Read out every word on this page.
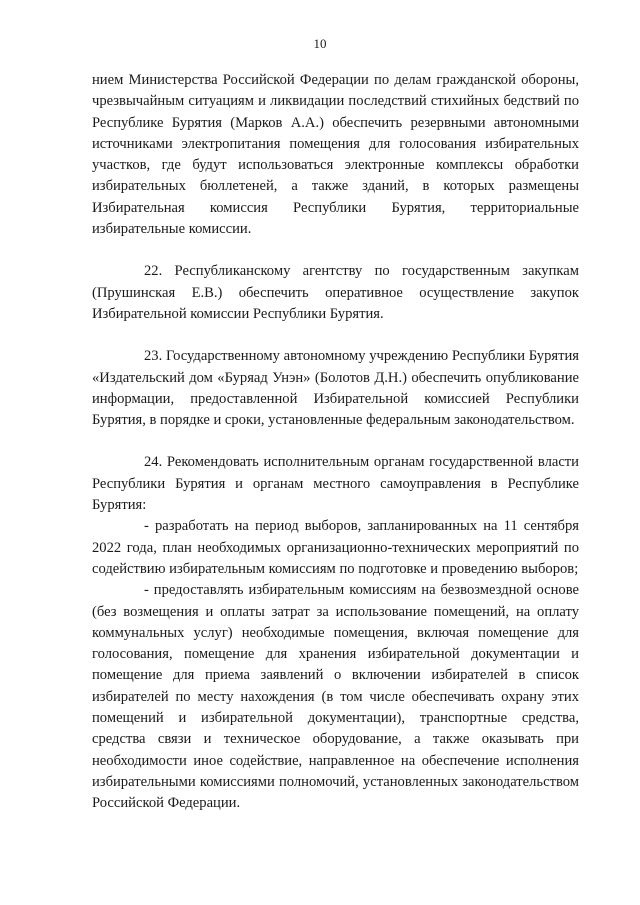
10

нием Министерства Российской Федерации по делам гражданской обороны, чрезвычайным ситуациям и ликвидации последствий стихийных бедствий по Республике Бурятия (Марков А.А.) обеспечить резервными автономными источниками электропитания помещения для голосования избирательных участков, где будут использоваться электронные комплексы обработки избирательных бюллетеней, а также зданий, в которых размещены Избирательная комиссия Республики Бурятия, территориальные избирательные комиссии.

22. Республиканскому агентству по государственным закупкам (Прушинская Е.В.) обеспечить оперативное осуществление закупок Избирательной комиссии Республики Бурятия.

23. Государственному автономному учреждению Республики Бурятия «Издательский дом «Буряад Унэн» (Болотов Д.Н.) обеспечить опубликование информации, предоставленной Избирательной комиссией Республики Бурятия, в порядке и сроки, установленные федеральным законодательством.

24. Рекомендовать исполнительным органам государственной власти Республики Бурятия и органам местного самоуправления в Республике Бурятия:

- разработать на период выборов, запланированных на 11 сентября 2022 года, план необходимых организационно-технических мероприятий по содействию избирательным комиссиям по подготовке и проведению выборов;

- предоставлять избирательным комиссиям на безвозмездной основе (без возмещения и оплаты затрат за использование помещений, на оплату коммунальных услуг) необходимые помещения, включая помещение для голосования, помещение для хранения избирательной документации и помещение для приема заявлений о включении избирателей в список избирателей по месту нахождения (в том числе обеспечивать охрану этих помещений и избирательной документации), транспортные средства, средства связи и техническое оборудование, а также оказывать при необходимости иное содействие, направленное на обеспечение исполнения избирательными комиссиями полномочий, установленных законодательством Российской Федерации.
